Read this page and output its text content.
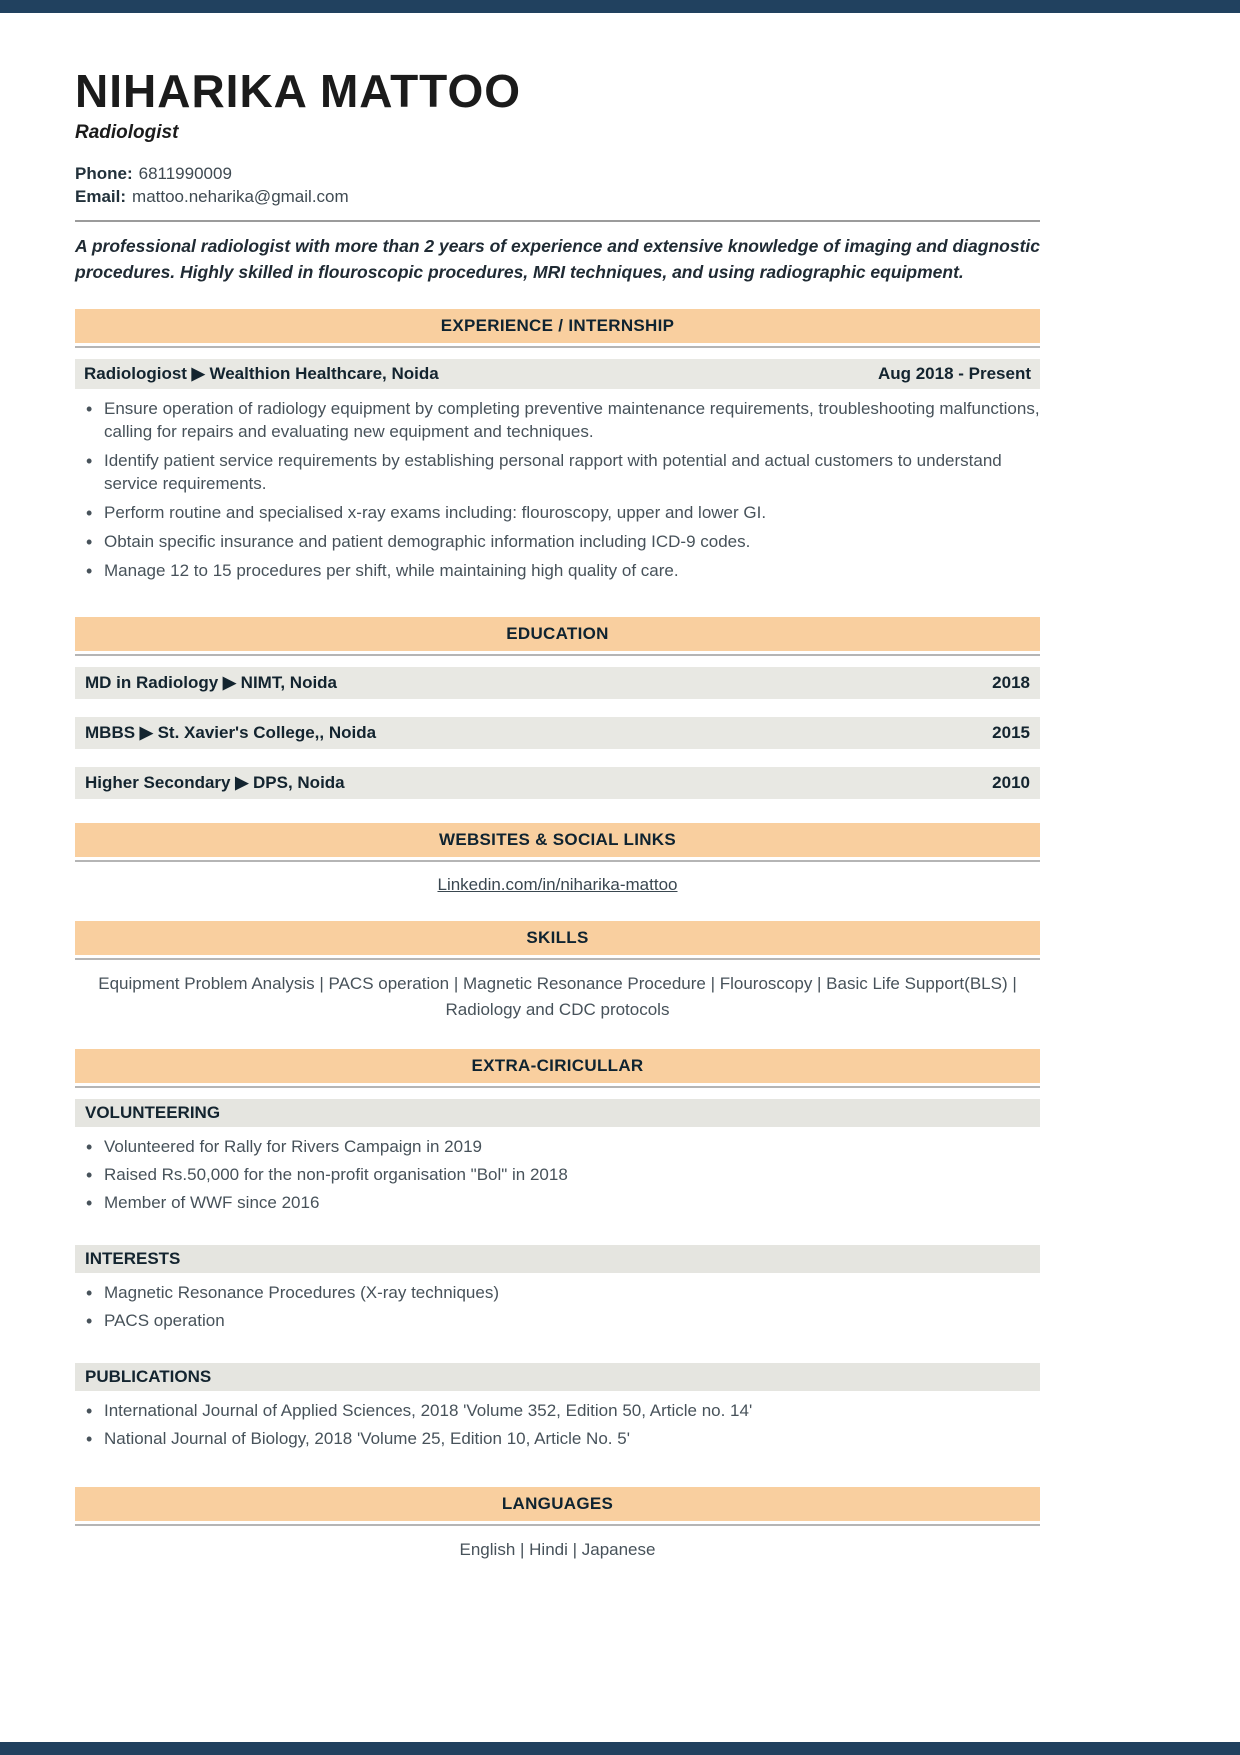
NIHARIKA MATTOO
Radiologist
Phone: 6811990009
Email: mattoo.neharika@gmail.com

A professional radiologist with more than 2 years of experience and extensive knowledge of imaging and diagnostic procedures. Highly skilled in flouroscopic procedures, MRI techniques, and using radiographic equipment.

EXPERIENCE / INTERNSHIP
Radiologiost ▶ Wealthion Healthcare, Noida	Aug 2018 - Present
• Ensure operation of radiology equipment by completing preventive maintenance requirements, troubleshooting malfunctions, calling for repairs and evaluating new equipment and techniques.
• Identify patient service requirements by establishing personal rapport with potential and actual customers to understand service requirements.
• Perform routine and specialised x-ray exams including: flouroscopy, upper and lower GI.
• Obtain specific insurance and patient demographic information including ICD-9 codes.
• Manage 12 to 15 procedures per shift, while maintaining high quality of care.
EDUCATION
MD in Radiology ▶ NIMT, Noida	2018
MBBS ▶ St. Xavier's College,, Noida	2015
Higher Secondary ▶ DPS, Noida	2010
WEBSITES & SOCIAL LINKS
Linkedin.com/in/niharika-mattoo
SKILLS

Equipment Problem Analysis | PACS operation | Magnetic Resonance Procedure | Flouroscopy | Basic Life Support(BLS) | Radiology and CDC protocols

EXTRA-CIRICULLAR
VOLUNTEERING
• Volunteered for Rally for Rivers Campaign in 2019
• Raised Rs.50,000 for the non-profit organisation "Bol" in 2018
• Member of WWF since 2016
INTERESTS
• Magnetic Resonance Procedures (X-ray techniques)
• PACS operation
PUBLICATIONS
• International Journal of Applied Sciences, 2018 'Volume 352, Edition 50, Article no. 14'
• National Journal of Biology, 2018 'Volume 25, Edition 10, Article No. 5'
LANGUAGES

English | Hindi | Japanese
